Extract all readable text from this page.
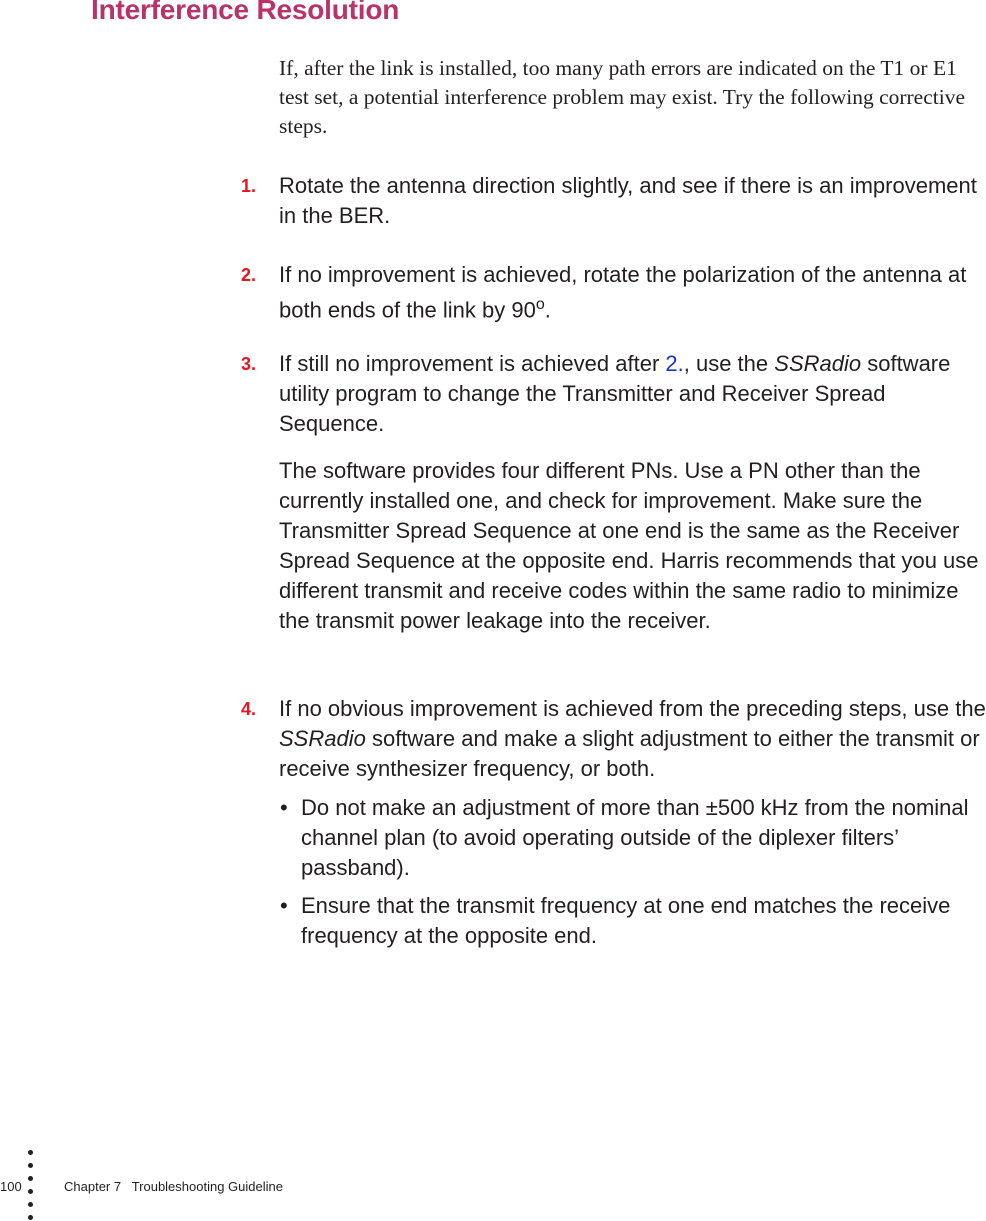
Interference Resolution

If, after the link is installed, too many path errors are indicated on the T1 or E1 test set, a potential interference problem may exist. Try the following corrective steps.

1. Rotate the antenna direction slightly, and see if there is an improvement in the BER.

2. If no improvement is achieved, rotate the polarization of the antenna at both ends of the link by 90$^o$.

3. If still no improvement is achieved after 2., use the SSRadio software utility program to change the Transmitter and Receiver Spread Sequence.

The software provides four different PNs. Use a PN other than the currently installed one, and check for improvement. Make sure the Transmitter Spread Sequence at one end is the same as the Receiver Spread Sequence at the opposite end. Harris recommends that you use different transmit and receive codes within the same radio to minimize the transmit power leakage into the receiver.

4. If no obvious improvement is achieved from the preceding steps, use the SSRadio software and make a slight adjustment to either the transmit or receive synthesizer frequency, or both.

• Do not make an adjustment of more than ±500 kHz from the nominal channel plan (to avoid operating outside of the diplexer filters’ passband).

• Ensure that the transmit frequency at one end matches the receive frequency at the opposite end.

100	Chapter 7   Troubleshooting Guideline
